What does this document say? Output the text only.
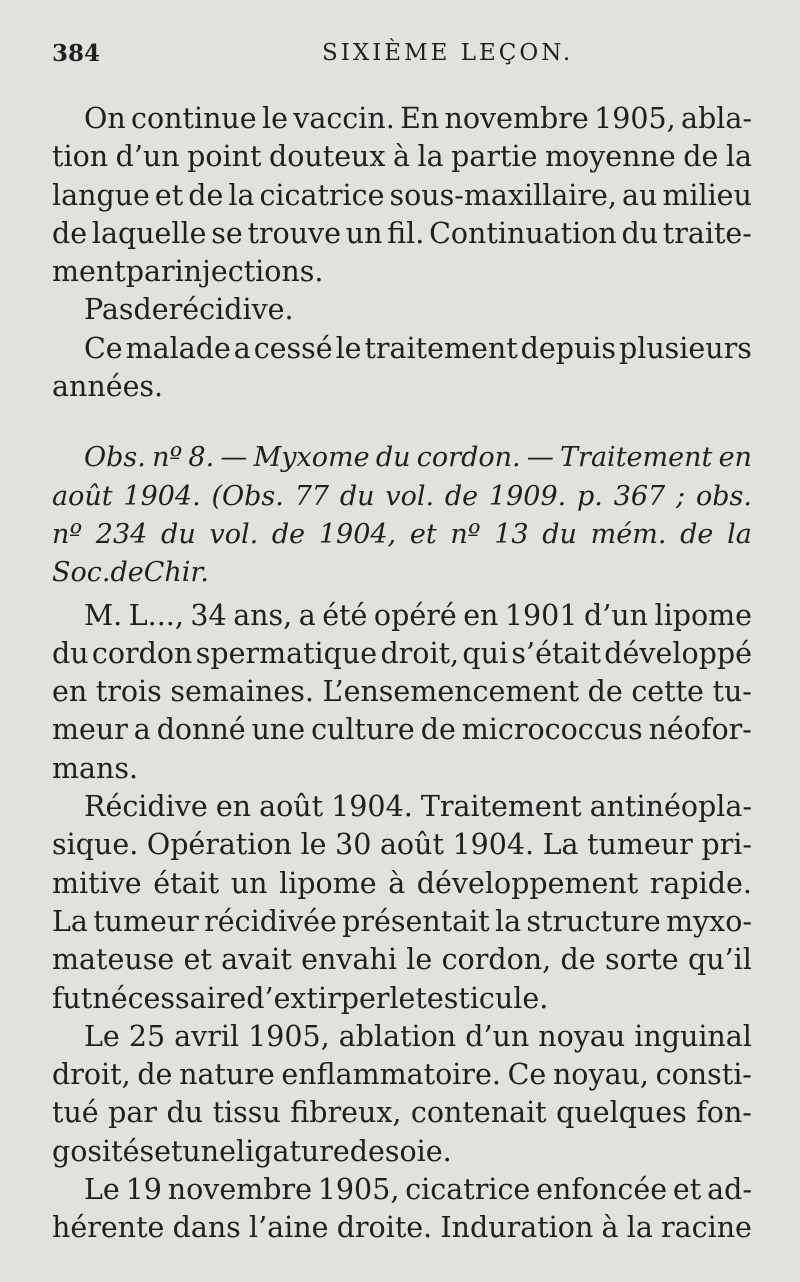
384	SIXIÈME LEÇON.
On continue le vaccin. En novembre 1905, abla-
tion d’un point douteux à la partie moyenne de la
langue et de la cicatrice sous-maxillaire, au milieu
de laquelle se trouve un fil. Continuation du traite-
ment par injections.
Pas de récidive.
Ce malade a cessé le traitement depuis plusieurs
années.
Obs. nº 8. — Myxome du cordon. — Traitement en
août 1904. (Obs. 77 du vol. de 1909. p. 367 ; obs.
nº 234 du vol. de 1904, et nº 13 du mém. de la
Soc. de Chir.
M. L..., 34 ans, a été opéré en 1901 d’un lipome
du cordon spermatique droit, qui s’était développé
en trois semaines. L’ensemencement de cette tu-
meur a donné une culture de micrococcus néofor-
mans.
Récidive en août 1904. Traitement antinéopla-
sique. Opération le 30 août 1904. La tumeur pri-
mitive était un lipome à développement rapide.
La tumeur récidivée présentait la structure myxo-
mateuse et avait envahi le cordon, de sorte qu’il
fut nécessaire d’extirper le testicule.
Le 25 avril 1905, ablation d’un noyau inguinal
droit, de nature enflammatoire. Ce noyau, consti-
tué par du tissu fibreux, contenait quelques fon-
gosités et une ligature de soie.
Le 19 novembre 1905, cicatrice enfoncée et ad-
hérente dans l’aine droite. Induration à la racine
